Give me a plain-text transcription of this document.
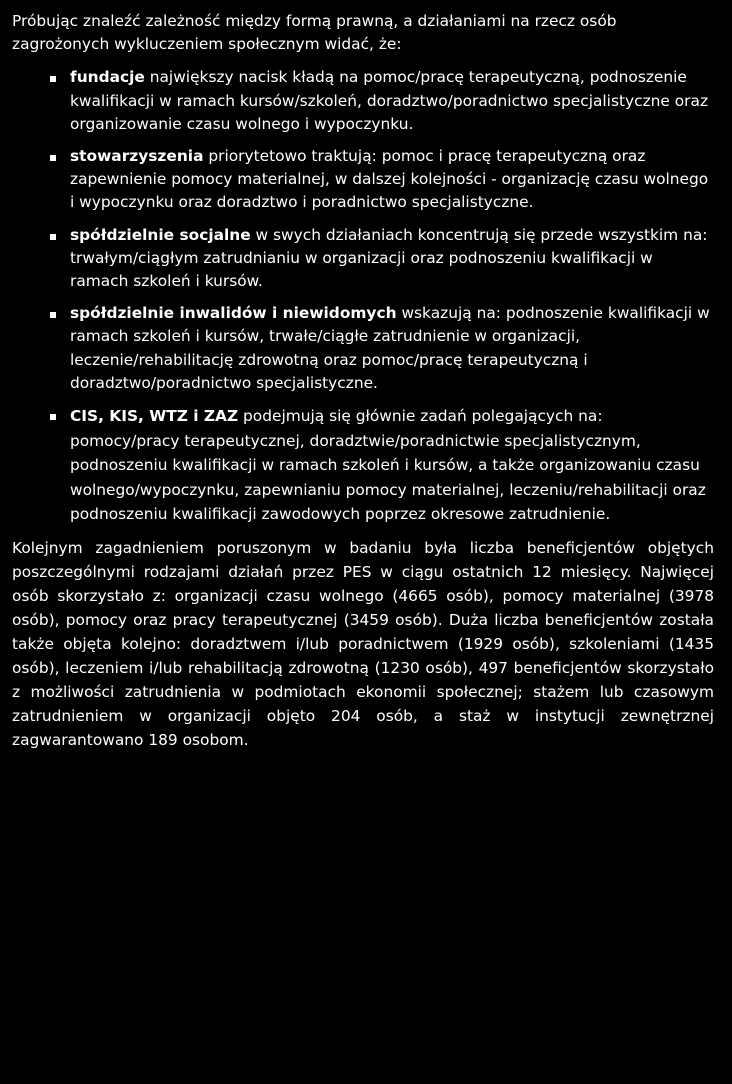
Próbując znaleźć zależność między formą prawną, a działaniami na rzecz osób zagrożonych wykluczeniem społecznym widać, że:

fundacje największy nacisk kładą na pomoc/pracę terapeutyczną, podnoszenie kwalifikacji w ramach kursów/szkoleń, doradztwo/poradnictwo specjalistyczne oraz organizowanie czasu wolnego i wypoczynku.
stowarzyszenia priorytetowo traktują: pomoc i pracę terapeutyczną oraz zapewnienie pomocy materialnej, w dalszej kolejności - organizację czasu wolnego i wypoczynku oraz doradztwo i poradnictwo specjalistyczne.
spółdzielnie socjalne w swych działaniach koncentrują się przede wszystkim na: trwałym/ciągłym zatrudnianiu w organizacji oraz podnoszeniu kwalifikacji w ramach szkoleń i kursów.
spółdzielnie inwalidów i niewidomych wskazują na: podnoszenie kwalifikacji w ramach szkoleń i kursów, trwałe/ciągłe zatrudnienie w organizacji, leczenie/rehabilitację zdrowotną oraz pomoc/pracę terapeutyczną i doradztwo/poradnictwo specjalistyczne.
CIS, KIS, WTZ i ZAZ podejmują się głównie zadań polegających na: pomocy/pracy terapeutycznej, doradztwie/poradnictwie specjalistycznym, podnoszeniu kwalifikacji w ramach szkoleń i kursów, a także organizowaniu czasu wolnego/wypoczynku, zapewnianiu pomocy materialnej, leczeniu/rehabilitacji oraz podnoszeniu kwalifikacji zawodowych poprzez okresowe zatrudnienie.

Kolejnym zagadnieniem poruszonym w badaniu była liczba beneficjentów objętych poszczególnymi rodzajami działań przez PES w ciągu ostatnich 12 miesięcy. Najwięcej osób skorzystało z: organizacji czasu wolnego (4665 osób), pomocy materialnej (3978 osób), pomocy oraz pracy terapeutycznej (3459 osób). Duża liczba beneficjentów została także objęta kolejno: doradztwem i/lub poradnictwem (1929 osób), szkoleniami (1435 osób), leczeniem i/lub rehabilitacją zdrowotną (1230 osób), 497 beneficjentów skorzystało z możliwości zatrudnienia w podmiotach ekonomii społecznej; stażem lub czasowym zatrudnieniem w organizacji objęto 204 osób, a staż w instytucji zewnętrznej zagwarantowano 189 osobom.
